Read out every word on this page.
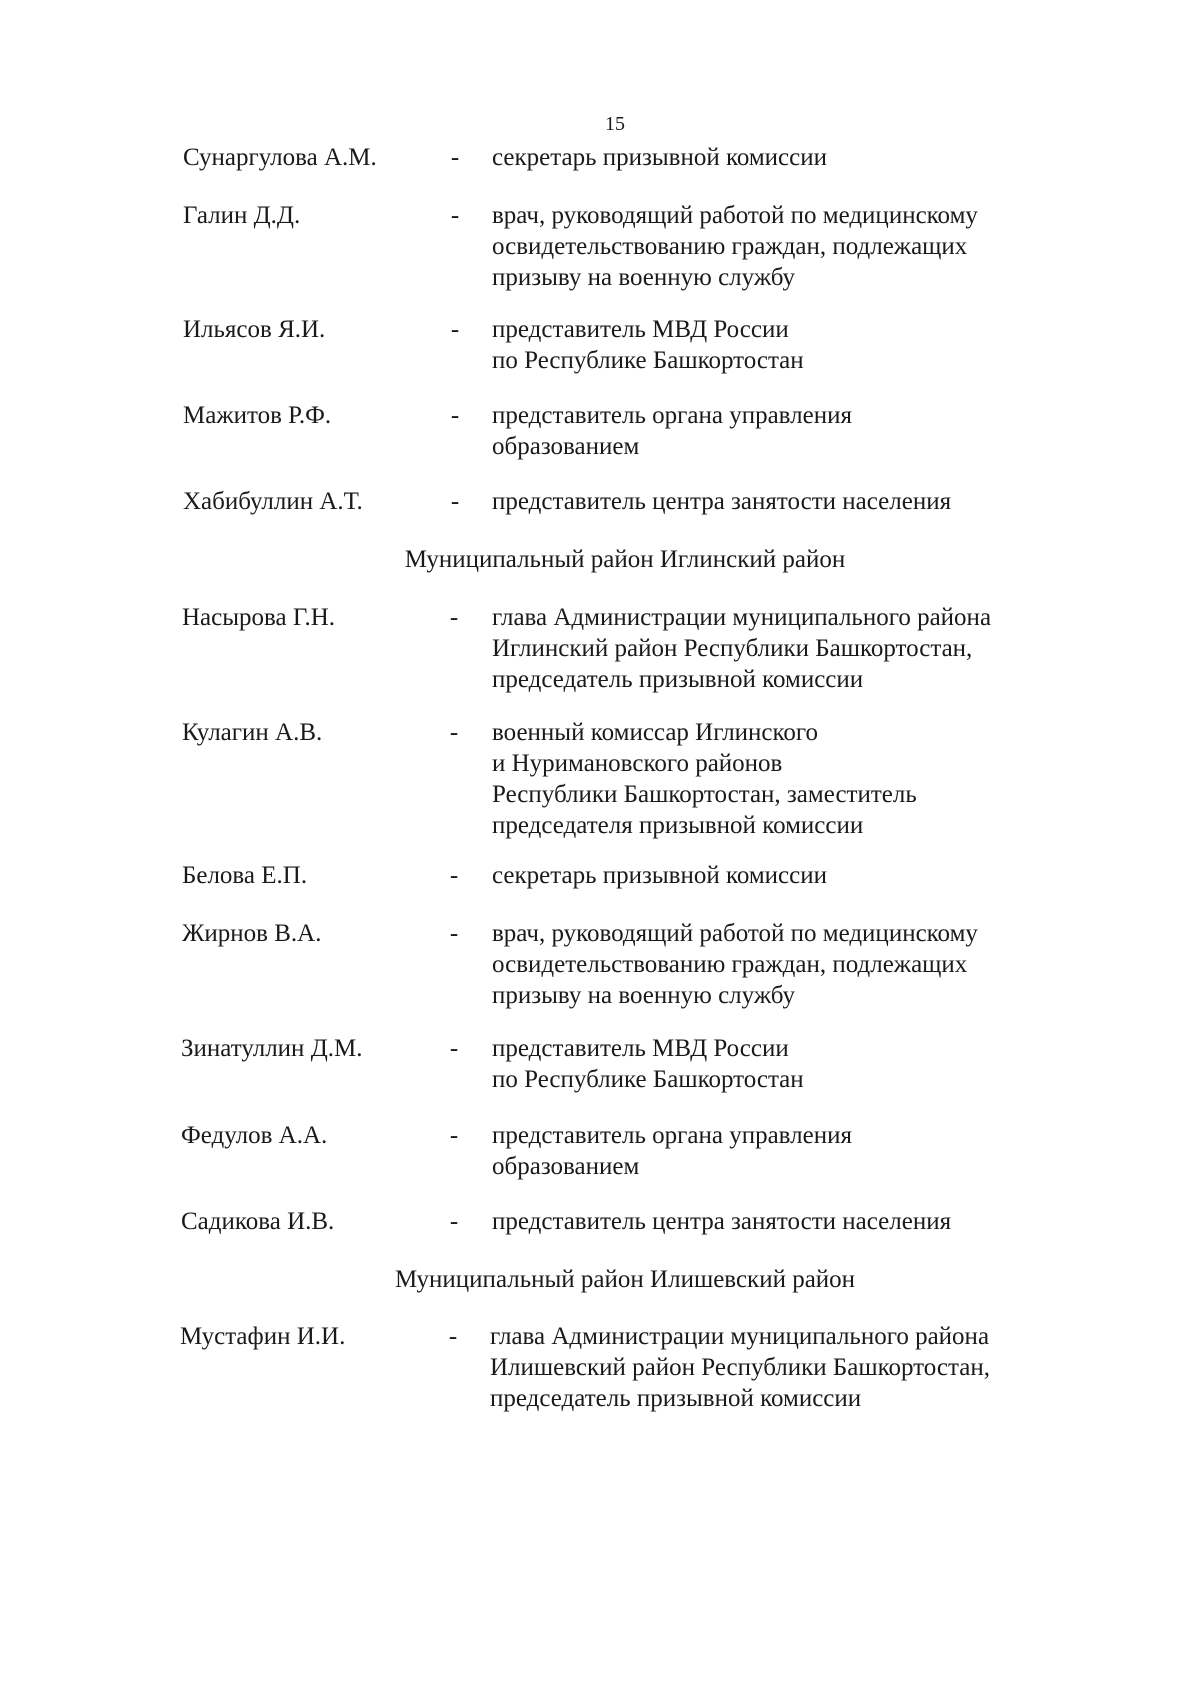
15
Сунаргулова А.М.	- секретарь призывной комиссии
Галин Д.Д.	- врач, руководящий работой по медицинскому
освидетельствованию граждан, подлежащих
призыву на военную службу
Ильясов Я.И.	- представитель МВД России
по Республике Башкортостан
Мажитов Р.Ф.	- представитель органа управления
образованием
Хабибуллин А.Т.	- представитель центра занятости населения
Муниципальный район Иглинский район
Насырова Г.Н.	- глава Администрации муниципального района
Иглинский район Республики Башкортостан,
председатель призывной комиссии
Кулагин А.В.	- военный комиссар Иглинского
и Нуримановского районов
Республики Башкортостан, заместитель
председателя призывной комиссии
Белова Е.П.	- секретарь призывной комиссии
Жирнов В.А.	- врач, руководящий работой по медицинскому
освидетельствованию граждан, подлежащих
призыву на военную службу
Зинатуллин Д.М.	- представитель МВД России
по Республике Башкортостан
Федулов А.А.	- представитель органа управления
образованием
Садикова И.В.	- представитель центра занятости населения
Муниципальный район Илишевский район
Мустафин И.И.	- глава Администрации муниципального района
Илишевский район Республики Башкортостан,
председатель призывной комиссии
